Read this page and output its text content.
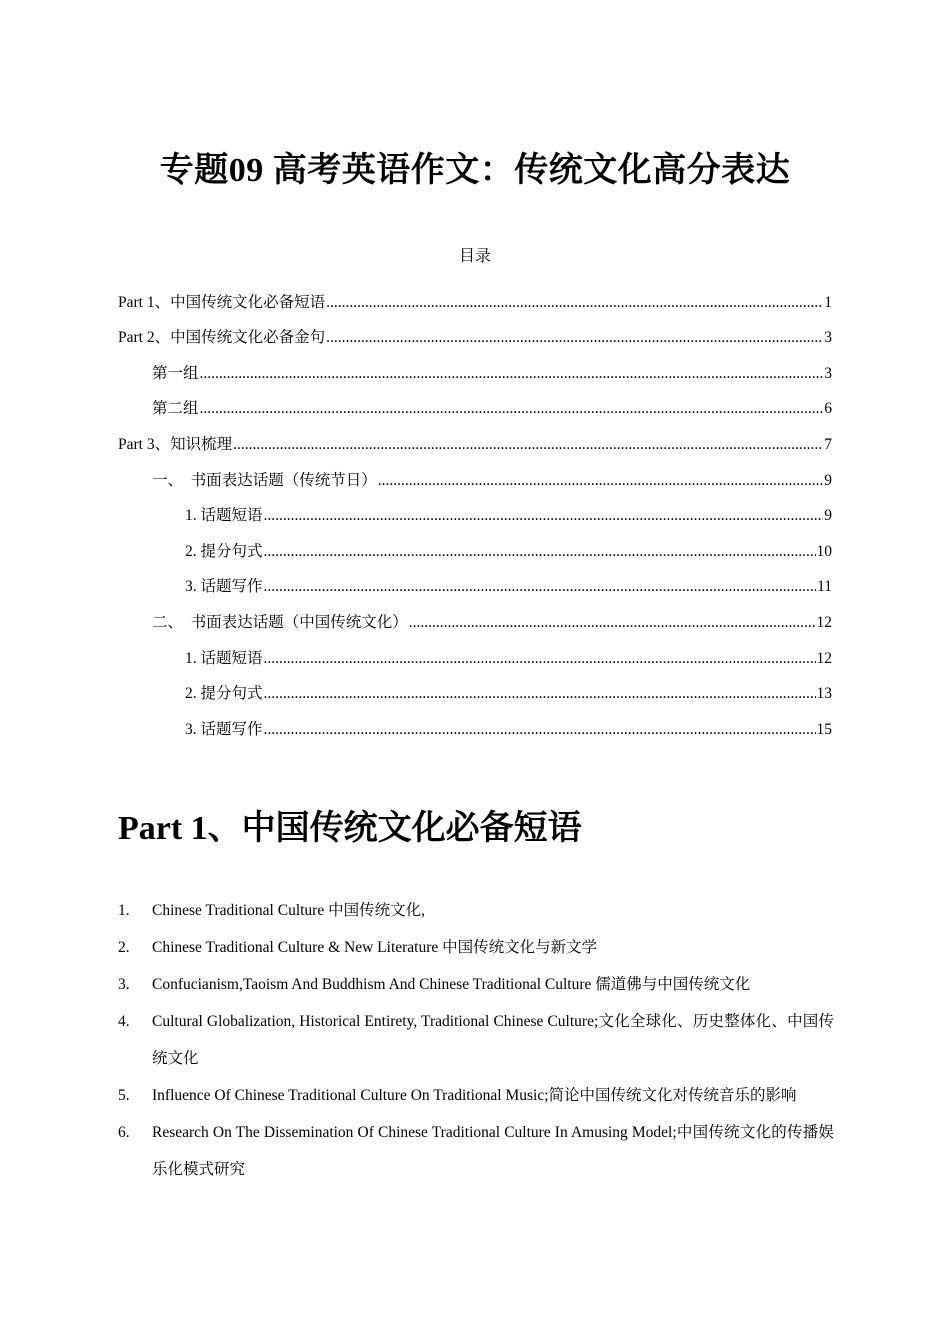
专题09 高考英语作文：传统文化高分表达
目录
Part 1、中国传统文化必备短语 .....	1
Part 2、中国传统文化必备金句 .....	3
第一组 .....	3
第二组 .....	6
Part 3、知识梳理 .....	7
一、　书面表达话题（传统节日） .....	9
1. 话题短语 .....	9
2. 提分句式 .....	10
3. 话题写作 .....	11
二、　书面表达话题（中国传统文化） .....	12
1. 话题短语 .....	12
2. 提分句式 .....	13
3. 话题写作 .....	15
Part 1、中国传统文化必备短语
1.	Chinese Traditional Culture 中国传统文化,
2.	Chinese Traditional Culture & New Literature 中国传统文化与新文学
3.	Confucianism,Taoism And Buddhism And Chinese Traditional Culture 儒道佛与中国传统文化
4.	Cultural Globalization, Historical Entirety, Traditional Chinese Culture;文化全球化、历史整体化、中国传统文化
5.	Influence Of Chinese Traditional Culture On Traditional Music;简论中国传统文化对传统音乐的影响
6.	Research On The Dissemination Of Chinese Traditional Culture In Amusing Model;中国传统文化的传播娱乐化模式研究
